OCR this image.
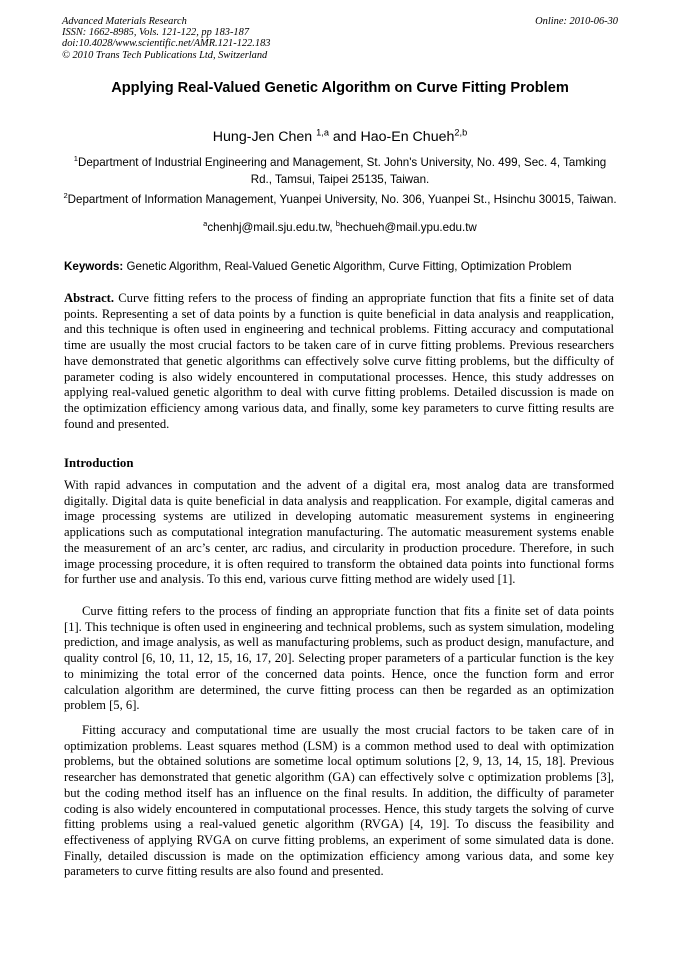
Advanced Materials Research
ISSN: 1662-8985, Vols. 121-122, pp 183-187
doi:10.4028/www.scientific.net/AMR.121-122.183
© 2010 Trans Tech Publications Ltd, Switzerland
Online: 2010-06-30
Applying Real-Valued Genetic Algorithm on Curve Fitting Problem
Hung-Jen Chen $^{1,a}$ and Hao-En Chueh$^{2,b}$
$^1$Department of Industrial Engineering and Management, St. John's University, No. 499, Sec. 4, Tamking Rd., Tamsui, Taipei 25135, Taiwan.
$^2$Department of Information Management, Yuanpei University, No. 306, Yuanpei St., Hsinchu 30015, Taiwan.
$^a$chenhj@mail.sju.edu.tw, $^b$hechueh@mail.ypu.edu.tw
Keywords: Genetic Algorithm, Real-Valued Genetic Algorithm, Curve Fitting, Optimization Problem
Abstract. Curve fitting refers to the process of finding an appropriate function that fits a finite set of data points. Representing a set of data points by a function is quite beneficial in data analysis and reapplication, and this technique is often used in engineering and technical problems. Fitting accuracy and computational time are usually the most crucial factors to be taken care of in curve fitting problems. Previous researchers have demonstrated that genetic algorithms can effectively solve curve fitting problems, but the difficulty of parameter coding is also widely encountered in computational processes. Hence, this study addresses on applying real-valued genetic algorithm to deal with curve fitting problems. Detailed discussion is made on the optimization efficiency among various data, and finally, some key parameters to curve fitting results are found and presented.
Introduction
With rapid advances in computation and the advent of a digital era, most analog data are transformed digitally. Digital data is quite beneficial in data analysis and reapplication. For example, digital cameras and image processing systems are utilized in developing automatic measurement systems in engineering applications such as computational integration manufacturing. The automatic measurement systems enable the measurement of an arc’s center, arc radius, and circularity in production procedure. Therefore, in such image processing procedure, it is often required to transform the obtained data points into functional forms for further use and analysis. To this end, various curve fitting method are widely used [1].
Curve fitting refers to the process of finding an appropriate function that fits a finite set of data points [1]. This technique is often used in engineering and technical problems, such as system simulation, modeling prediction, and image analysis, as well as manufacturing problems, such as product design, manufacture, and quality control [6, 10, 11, 12, 15, 16, 17, 20]. Selecting proper parameters of a particular function is the key to minimizing the total error of the concerned data points. Hence, once the function form and error calculation algorithm are determined, the curve fitting process can then be regarded as an optimization problem [5, 6].
Fitting accuracy and computational time are usually the most crucial factors to be taken care of in optimization problems. Least squares method (LSM) is a common method used to deal with optimization problems, but the obtained solutions are sometime local optimum solutions [2, 9, 13, 14, 15, 18]. Previous researcher has demonstrated that genetic algorithm (GA) can effectively solve c optimization problems [3], but the coding method itself has an influence on the final results. In addition, the difficulty of parameter coding is also widely encountered in computational processes. Hence, this study targets the solving of curve fitting problems using a real-valued genetic algorithm (RVGA) [4, 19]. To discuss the feasibility and effectiveness of applying RVGA on curve fitting problems, an experiment of some simulated data is done. Finally, detailed discussion is made on the optimization efficiency among various data, and some key parameters to curve fitting results are also found and presented.
